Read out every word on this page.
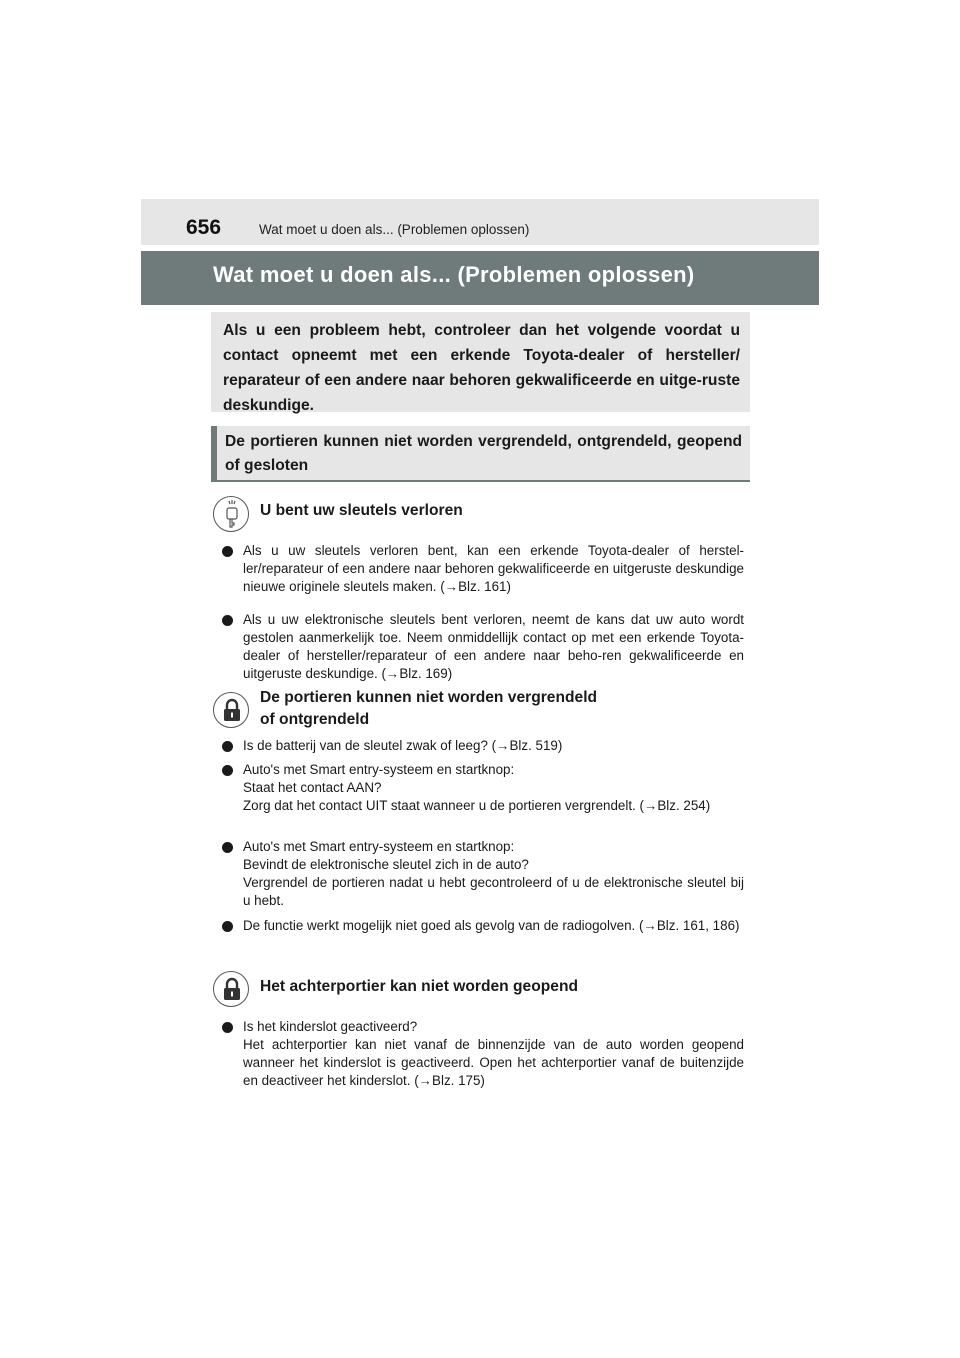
656	Wat moet u doen als... (Problemen oplossen)
Wat moet u doen als... (Problemen oplossen)
Als u een probleem hebt, controleer dan het volgende voordat u contact opneemt met een erkende Toyota-dealer of hersteller/ reparateur of een andere naar behoren gekwalificeerde en uitge-ruste deskundige.
De portieren kunnen niet worden vergrendeld, ontgrendeld, geopend of gesloten
U bent uw sleutels verloren
Als u uw sleutels verloren bent, kan een erkende Toyota-dealer of herstel-ler/reparateur of een andere naar behoren gekwalificeerde en uitgeruste deskundige nieuwe originele sleutels maken. (→Blz. 161)
Als u uw elektronische sleutels bent verloren, neemt de kans dat uw auto wordt gestolen aanmerkelijk toe. Neem onmiddellijk contact op met een erkende Toyota-dealer of hersteller/reparateur of een andere naar beho-ren gekwalificeerde en uitgeruste deskundige. (→Blz. 169)
De portieren kunnen niet worden vergrendeld
of ontgrendeld
Is de batterij van de sleutel zwak of leeg? (→Blz. 519)
Auto's met Smart entry-systeem en startknop:
Staat het contact AAN?
Zorg dat het contact UIT staat wanneer u de portieren vergrendelt. (→Blz. 254)
Auto's met Smart entry-systeem en startknop:
Bevindt de elektronische sleutel zich in de auto?
Vergrendel de portieren nadat u hebt gecontroleerd of u de elektronische sleutel bij u hebt.
De functie werkt mogelijk niet goed als gevolg van de radiogolven. (→Blz. 161, 186)
Het achterportier kan niet worden geopend
Is het kinderslot geactiveerd?
Het achterportier kan niet vanaf de binnenzijde van de auto worden geopend wanneer het kinderslot is geactiveerd. Open het achterportier vanaf de buitenzijde en deactiveer het kinderslot. (→Blz. 175)
